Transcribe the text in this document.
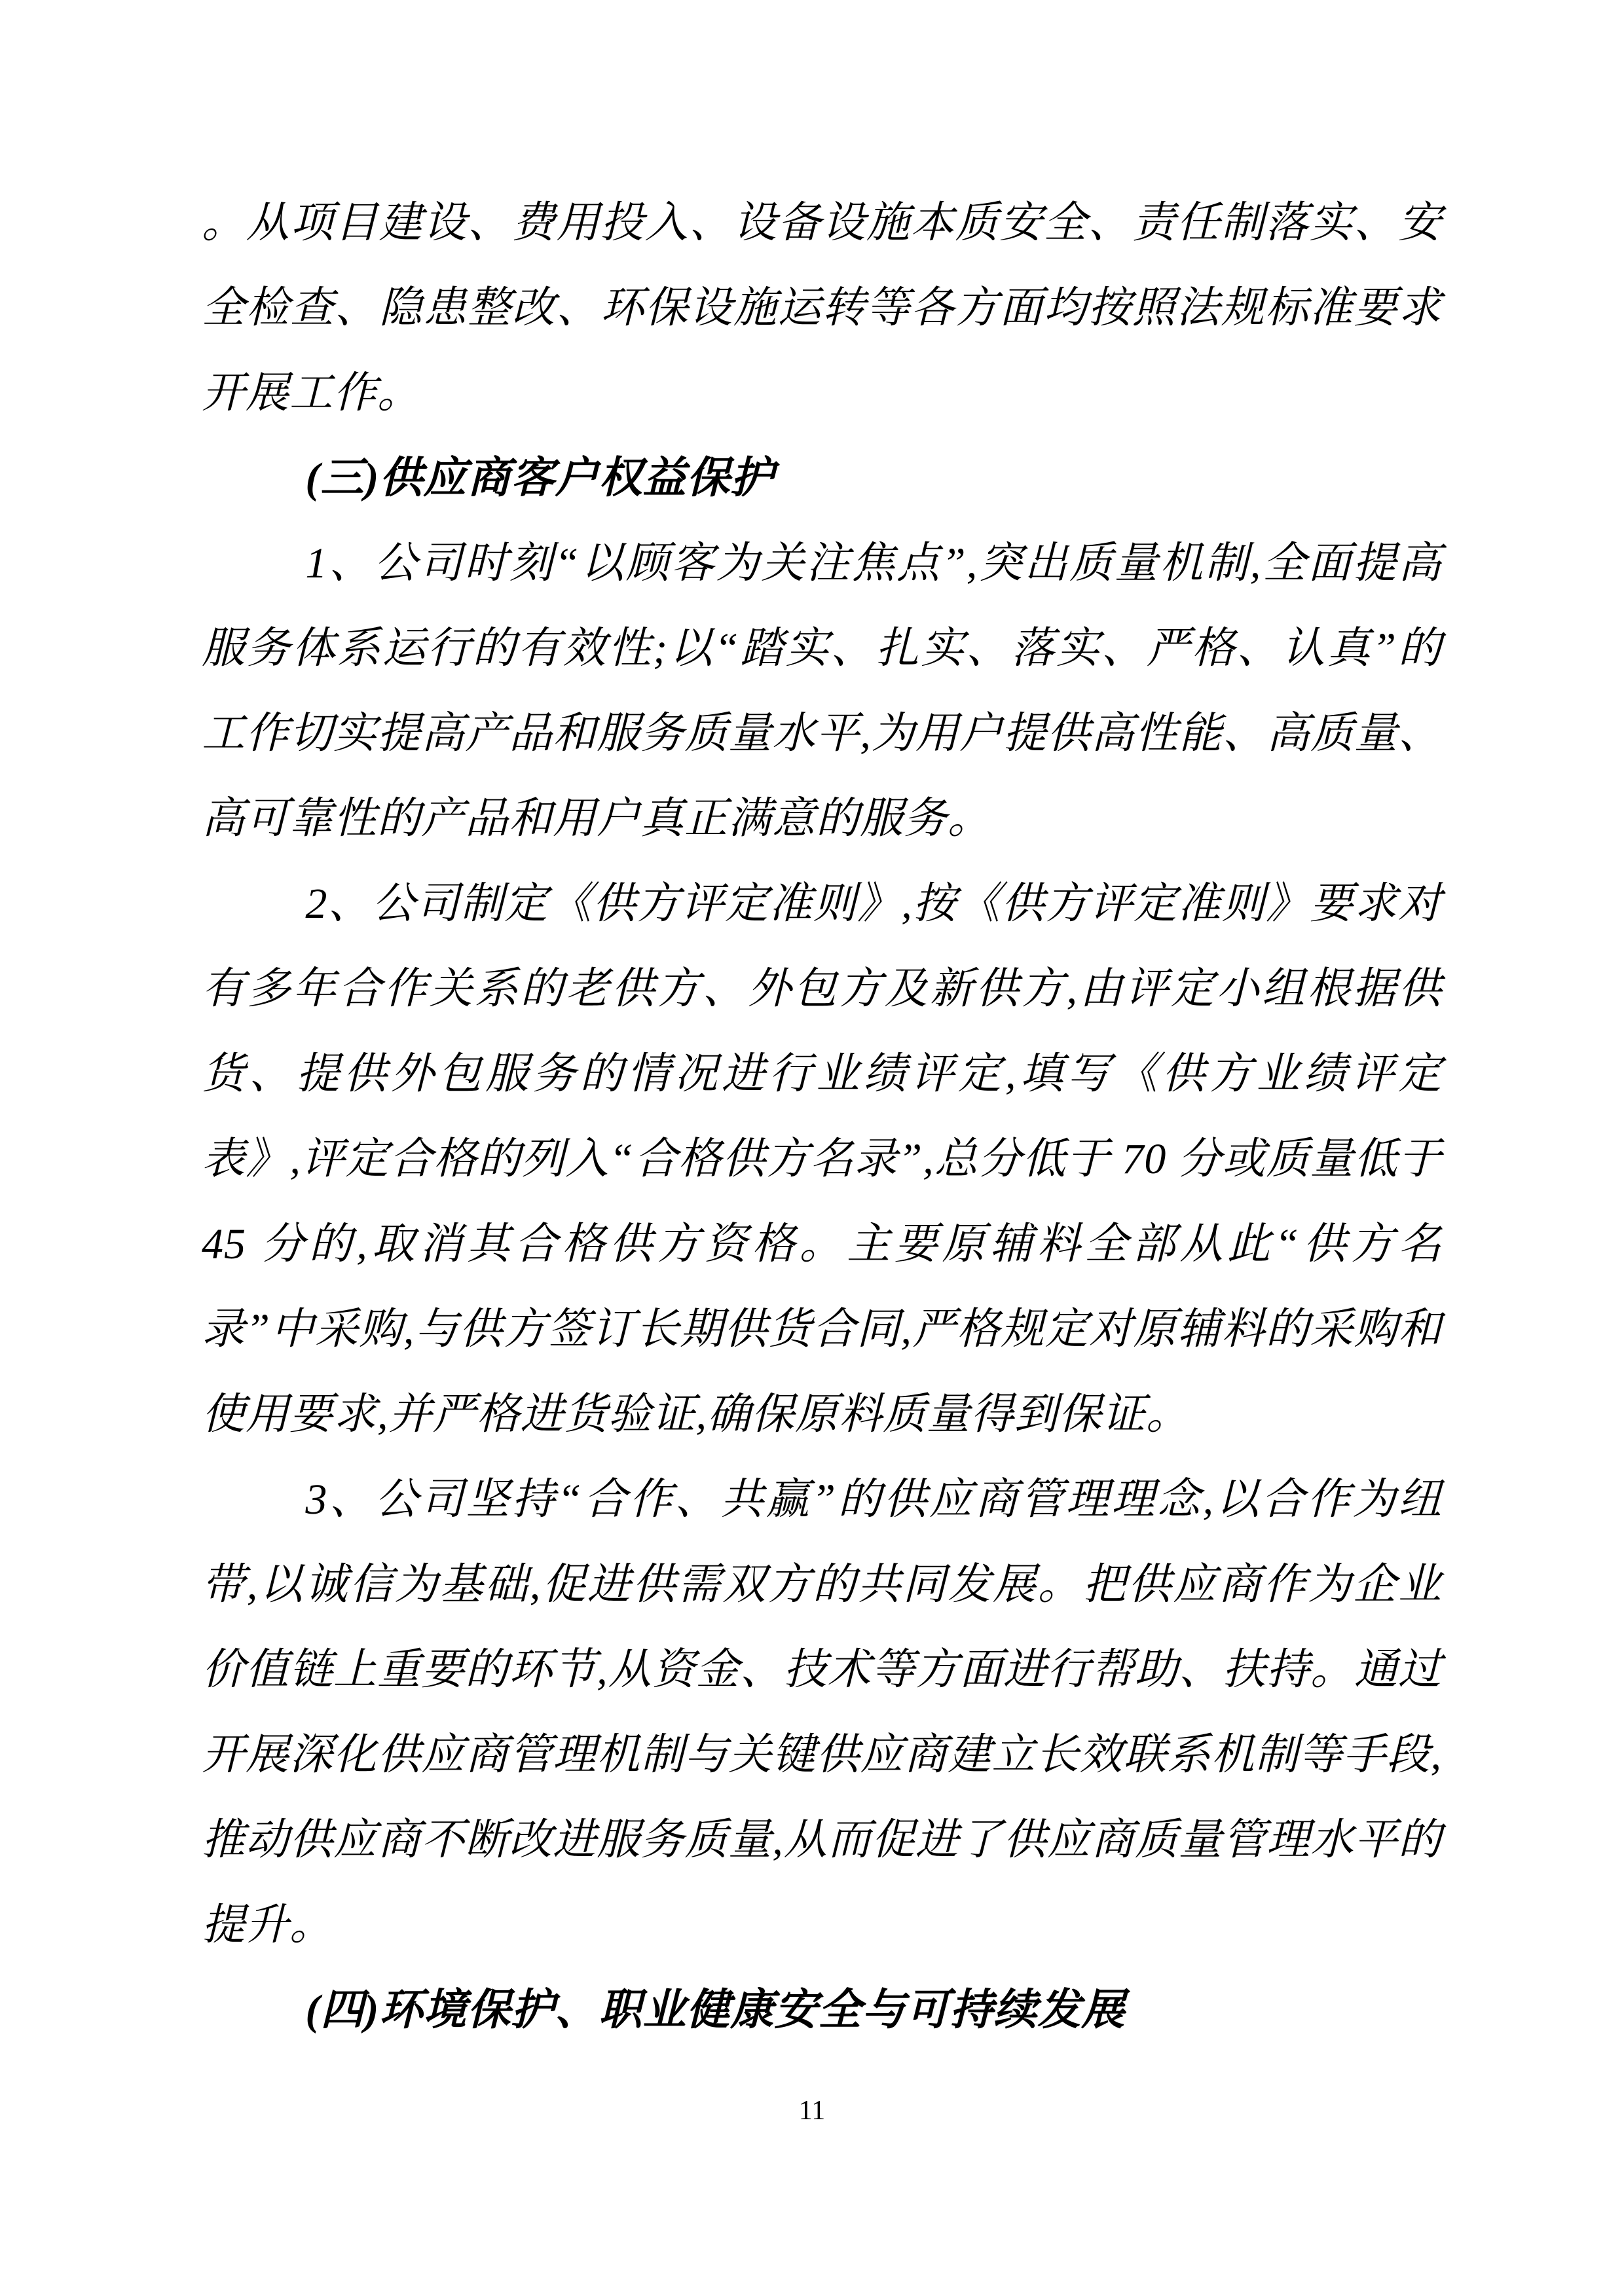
。从项目建设、费用投入、设备设施本质安全、责任制落实、安全检查、隐患整改、环保设施运转等各方面均按照法规标准要求开展工作。

(三)供应商客户权益保护

1、公司时刻“以顾客为关注焦点”,突出质量机制,全面提高服务体系运行的有效性;以“踏实、扎实、落实、严格、认真”的工作切实提高产品和服务质量水平,为用户提供高性能、高质量、高可靠性的产品和用户真正满意的服务。

2、公司制定《供方评定准则》,按《供方评定准则》要求对有多年合作关系的老供方、外包方及新供方,由评定小组根据供货、提供外包服务的情况进行业绩评定,填写《供方业绩评定表》,评定合格的列入“合格供方名录”,总分低于 70 分或质量低于 45 分的,取消其合格供方资格。主要原辅料全部从此“供方名录”中采购,与供方签订长期供货合同,严格规定对原辅料的采购和使用要求,并严格进货验证,确保原料质量得到保证。

3、公司坚持“合作、共赢”的供应商管理理念,以合作为纽带,以诚信为基础,促进供需双方的共同发展。把供应商作为企业价值链上重要的环节,从资金、技术等方面进行帮助、扶持。通过开展深化供应商管理机制与关键供应商建立长效联系机制等手段,推动供应商不断改进服务质量,从而促进了供应商质量管理水平的提升。

(四)环境保护、职业健康安全与可持续发展

11
